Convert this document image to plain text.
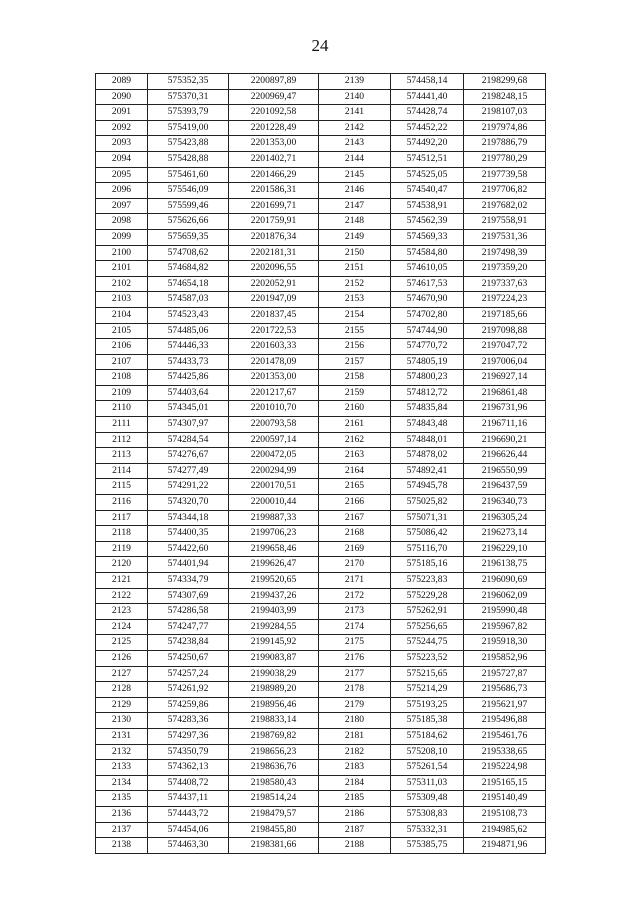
24
2089	575352,35	2200897,89	2139	574458,14	2198299,68
2090	575370,31	2200969,47	2140	574441,40	2198248,15
2091	575393,79	2201092,58	2141	574428,74	2198107,03
2092	575419,00	2201228,49	2142	574452,22	2197974,86
2093	575423,88	2201353,00	2143	574492,20	2197886,79
2094	575428,88	2201402,71	2144	574512,51	2197780,29
2095	575461,60	2201466,29	2145	574525,05	2197739,58
2096	575546,09	2201586,31	2146	574540,47	2197706,82
2097	575599,46	2201699,71	2147	574538,91	2197682,02
2098	575626,66	2201759,91	2148	574562,39	2197558,91
2099	575659,35	2201876,34	2149	574569,33	2197531,36
2100	574708,62	2202181,31	2150	574584,80	2197498,39
2101	574684,82	2202096,55	2151	574610,05	2197359,20
2102	574654,18	2202052,91	2152	574617,53	2197337,63
2103	574587,03	2201947,09	2153	574670,90	2197224,23
2104	574523,43	2201837,45	2154	574702,80	2197185,66
2105	574485,06	2201722,53	2155	574744,90	2197098,88
2106	574446,33	2201603,33	2156	574770,72	2197047,72
2107	574433,73	2201478,09	2157	574805,19	2197006,04
2108	574425,86	2201353,00	2158	574800,23	2196927,14
2109	574403,64	2201217,67	2159	574812,72	2196861,48
2110	574345,01	2201010,70	2160	574835,84	2196731,96
2111	574307,97	2200793,58	2161	574843,48	2196711,16
2112	574284,54	2200597,14	2162	574848,01	2196690,21
2113	574276,67	2200472,05	2163	574878,02	2196626,44
2114	574277,49	2200294,99	2164	574892,41	2196550,99
2115	574291,22	2200170,51	2165	574945,78	2196437,59
2116	574320,70	2200010,44	2166	575025,82	2196340,73
2117	574344,18	2199887,33	2167	575071,31	2196305,24
2118	574400,35	2199706,23	2168	575086,42	2196273,14
2119	574422,60	2199658,46	2169	575116,70	2196229,10
2120	574401,94	2199626,47	2170	575185,16	2196138,75
2121	574334,79	2199520,65	2171	575223,83	2196090,69
2122	574307,69	2199437,26	2172	575229,28	2196062,09
2123	574286,58	2199403,99	2173	575262,91	2195990,48
2124	574247,77	2199284,55	2174	575256,65	2195967,82
2125	574238,84	2199145,92	2175	575244,75	2195918,30
2126	574250,67	2199083,87	2176	575223,52	2195852,96
2127	574257,24	2199038,29	2177	575215,65	2195727,87
2128	574261,92	2198989,20	2178	575214,29	2195686,73
2129	574259,86	2198956,46	2179	575193,25	2195621,97
2130	574283,36	2198833,14	2180	575185,38	2195496,88
2131	574297,36	2198769,82	2181	575184,62	2195461,76
2132	574350,79	2198656,23	2182	575208,10	2195338,65
2133	574362,13	2198636,76	2183	575261,54	2195224,98
2134	574408,72	2198580,43	2184	575311,03	2195165,15
2135	574437,11	2198514,24	2185	575309,48	2195140,49
2136	574443,72	2198479,57	2186	575308,83	2195108,73
2137	574454,06	2198455,80	2187	575332,31	2194985,62
2138	574463,30	2198381,66	2188	575385,75	2194871,96
